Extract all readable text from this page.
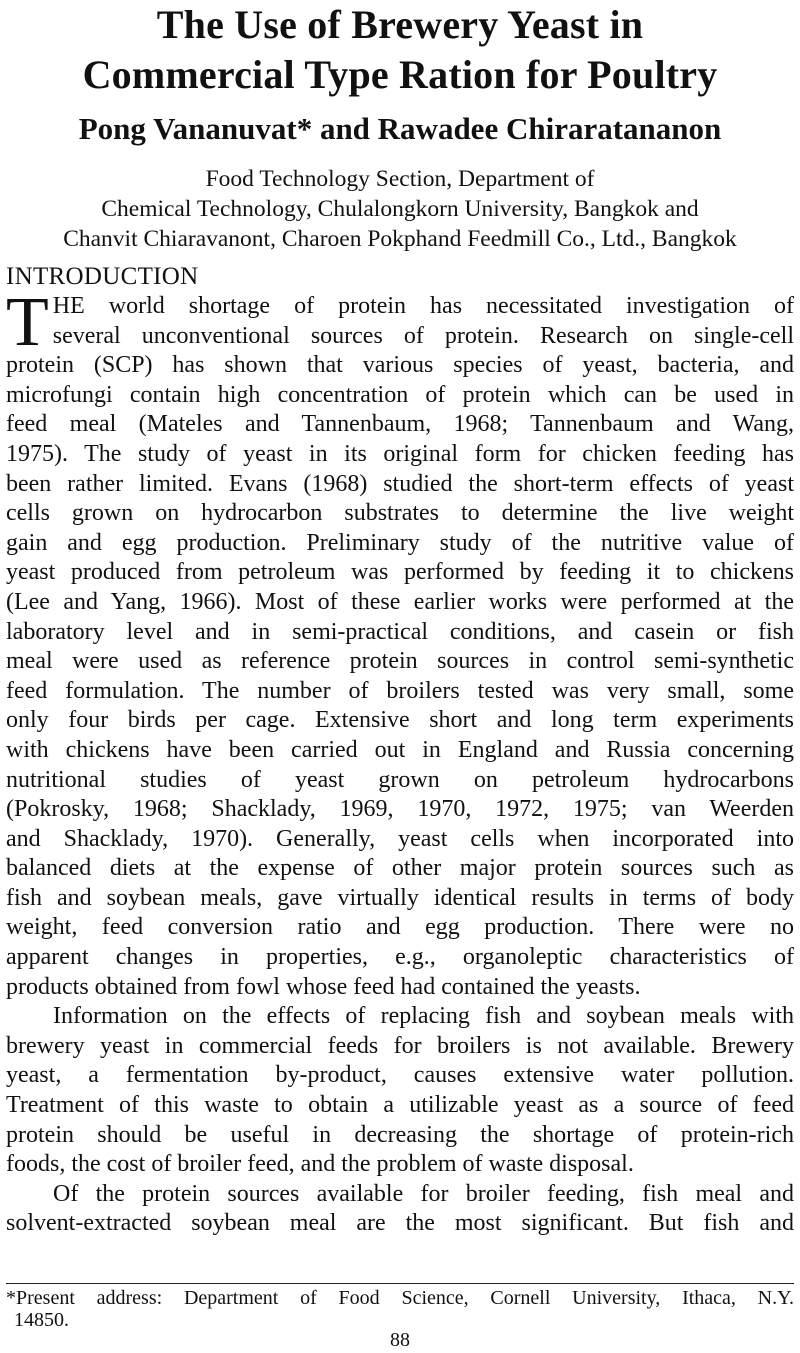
The Use of Brewery Yeast in
Commercial Type Ration for Poultry
Pong Vananuvat* and Rawadee Chiraratananon
Food Technology Section, Department of
Chemical Technology, Chulalongkorn University, Bangkok and
Chanvit Chiaravanont, Charoen Pokphand Feedmill Co., Ltd., Bangkok
INTRODUCTION
T HE world shortage of protein has necessitated investigation of
several unconventional sources of protein. Research on single-cell
protein (SCP) has shown that various species of yeast, bacteria, and
microfungi contain high concentration of protein which can be used in
feed meal (Mateles and Tannenbaum, 1968; Tannenbaum and Wang,
1975). The study of yeast in its original form for chicken feeding has
been rather limited. Evans (1968) studied the short-term effects of yeast
cells grown on hydrocarbon substrates to determine the live weight
gain and egg production. Preliminary study of the nutritive value of
yeast produced from petroleum was performed by feeding it to chickens
(Lee and Yang, 1966). Most of these earlier works were performed at the
laboratory level and in semi-practical conditions, and casein or fish
meal were used as reference protein sources in control semi-synthetic
feed formulation. The number of broilers tested was very small, some
only four birds per cage. Extensive short and long term experiments
with chickens have been carried out in England and Russia concerning
nutritional studies of yeast grown on petroleum hydrocarbons
(Pokrosky, 1968; Shacklady, 1969, 1970, 1972, 1975; van Weerden
and Shacklady, 1970). Generally, yeast cells when incorporated into
balanced diets at the expense of other major protein sources such as
fish and soybean meals, gave virtually identical results in terms of body
weight, feed conversion ratio and egg production. There were no
apparent changes in properties, e.g., organoleptic characteristics of
products obtained from fowl whose feed had contained the yeasts.
Information on the effects of replacing fish and soybean meals with
brewery yeast in commercial feeds for broilers is not available. Brewery
yeast, a fermentation by-product, causes extensive water pollution.
Treatment of this waste to obtain a utilizable yeast as a source of feed
protein should be useful in decreasing the shortage of protein-rich
foods, the cost of broiler feed, and the problem of waste disposal.
Of the protein sources available for broiler feeding, fish meal and
solvent-extracted soybean meal are the most significant. But fish and
*Present address: Department of Food Science, Cornell University, Ithaca, N.Y.
14850.
88
